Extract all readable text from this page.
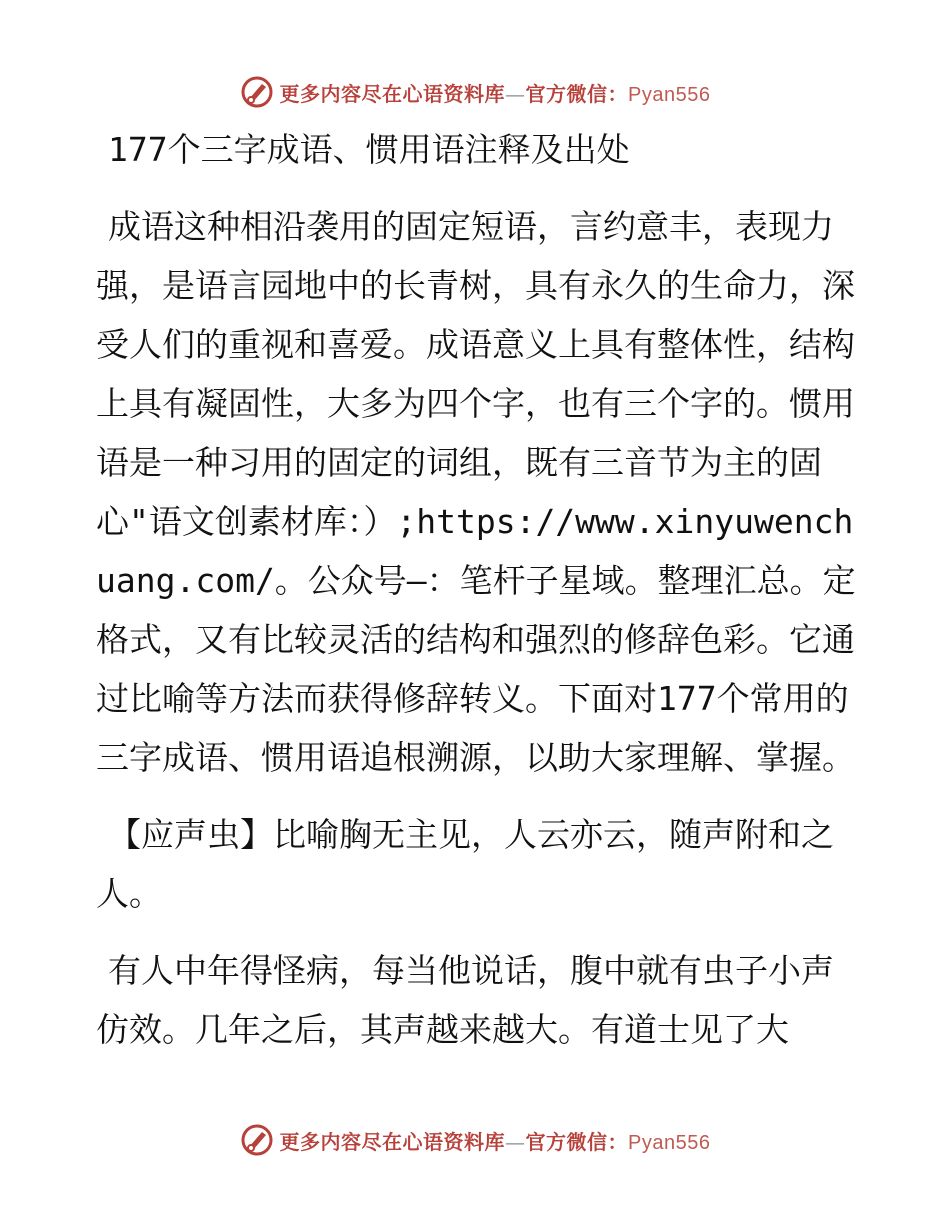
更多内容尽在心语资料库—官方微信：Pyan556

177个三字成语、惯用语注释及出处

成语这种相沿袭用的固定短语，言约意丰，表现力强，是语言园地中的长青树，具有永久的生命力，深受人们的重视和喜爱。成语意义上具有整体性，结构上具有凝固性，大多为四个字，也有三个字的。惯用语是一种习用的固定的词组，既有三音节为主的固心"语文创素材库：）;https://www.xinyuwenchuang.com/。公众号—：笔杆子星域。整理汇总。定格式，又有比较灵活的结构和强烈的修辞色彩。它通过比喻等方法而获得修辞转义。下面对177个常用的三字成语、惯用语追根溯源，以助大家理解、掌握。

【应声虫】比喻胸无主见，人云亦云，随声附和之人。

有人中年得怪病，每当他说话，腹中就有虫子小声仿效。几年之后，其声越来越大。有道士见了大

更多内容尽在心语资料库—官方微信：Pyan556
